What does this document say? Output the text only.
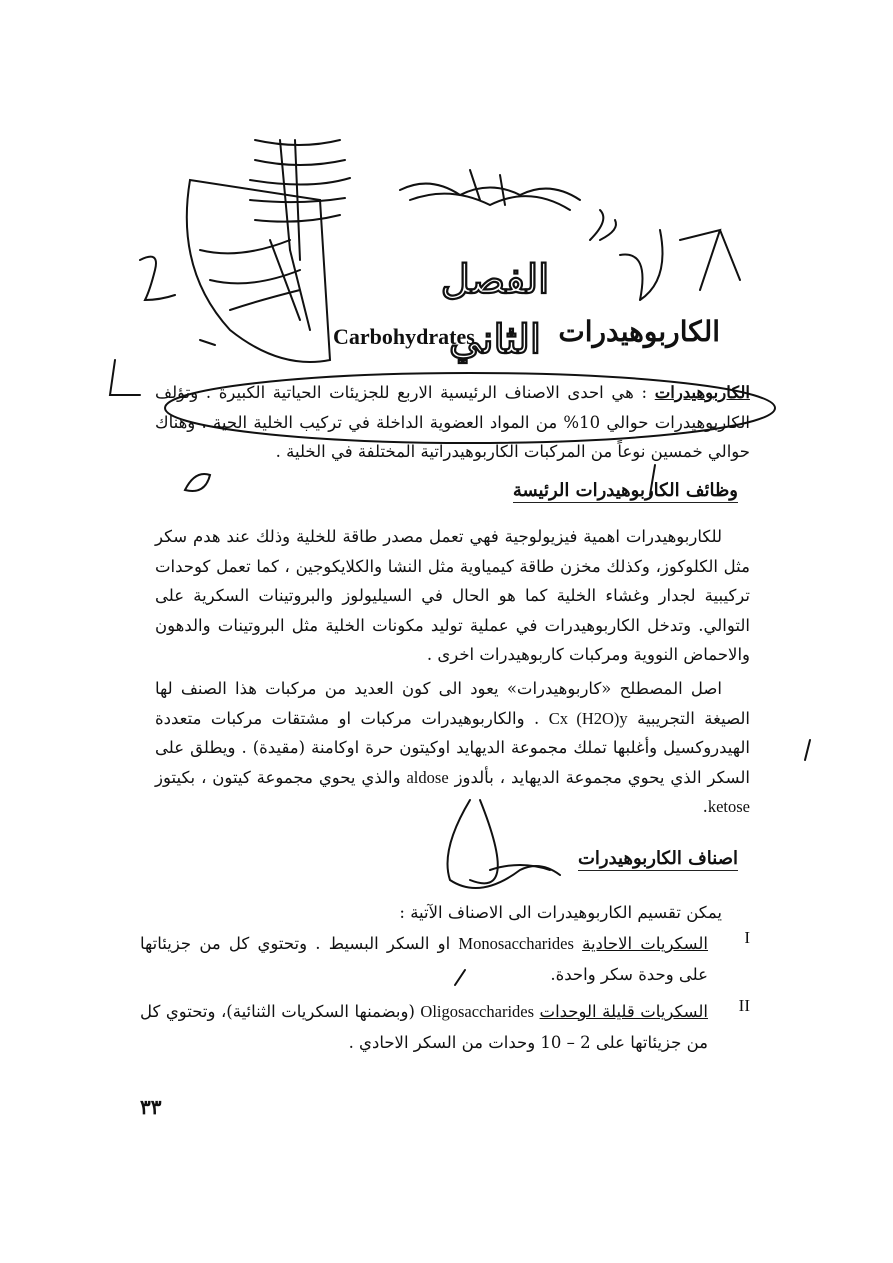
الفصل الثاني الكاربوهيدرات
Carbohydrates
الكاربوهيدرات : هي احدى الاصناف الرئيسية الاربع للجزيئات الحياتية الكبيرة . وتؤلف الكاربوهيدرات حوالي 10% من المواد العضوية الداخلة في تركيب الخلية الحية . وهناك حوالي خمسين نوعاً من المركبات الكاربوهيدراتية المختلفة في الخلية .
وظائف الكاربوهيدرات الرئيسة
للكاربوهيدرات اهمية فيزيولوجية فهي تعمل مصدر طاقة للخلية وذلك عند هدم سكر مثل الكلوكوز، وكذلك مخزن طاقة كيمياوية مثل النشا والكلايكوجين ، كما تعمل كوحدات تركيبية لجدار وغشاء الخلية كما هو الحال في السيليولوز والبروتينات السكرية على التوالي. وتدخل الكاربوهيدرات في عملية توليد مكونات الخلية مثل البروتينات والدهون والاحماض النووية ومركبات كاربوهيدرات اخرى .
اصل المصطلح «كاربوهيدرات» يعود الى كون العديد من مركبات هذا الصنف لها الصيغة التجريبية Cx (H2O)y . والكاربوهيدرات مركبات او مشتقات مركبات متعددة الهيدروكسيل وأغلبها تملك مجموعة الديهايد اوكيتون حرة اوكامنة (مقيدة) . ويطلق على السكر الذي يحوي مجموعة الديهايد ، بألدوز aldose والذي يحوي مجموعة كيتون ، بكيتوز ketose.
اصناف الكاربوهيدرات
يمكن تقسيم الكاربوهيدرات الى الاصناف الآتية :
I
السكريات الاحادية Monosaccharides او السكر البسيط . وتحتوي كل من جزيئاتها على وحدة سكر واحدة.
II
السكريات قليلة الوحدات Oligosaccharides (وبضمنها السكريات الثنائية)، وتحتوي كل من جزيئاتها على 2 – 10 وحدات من السكر الاحادي .
٣٣
